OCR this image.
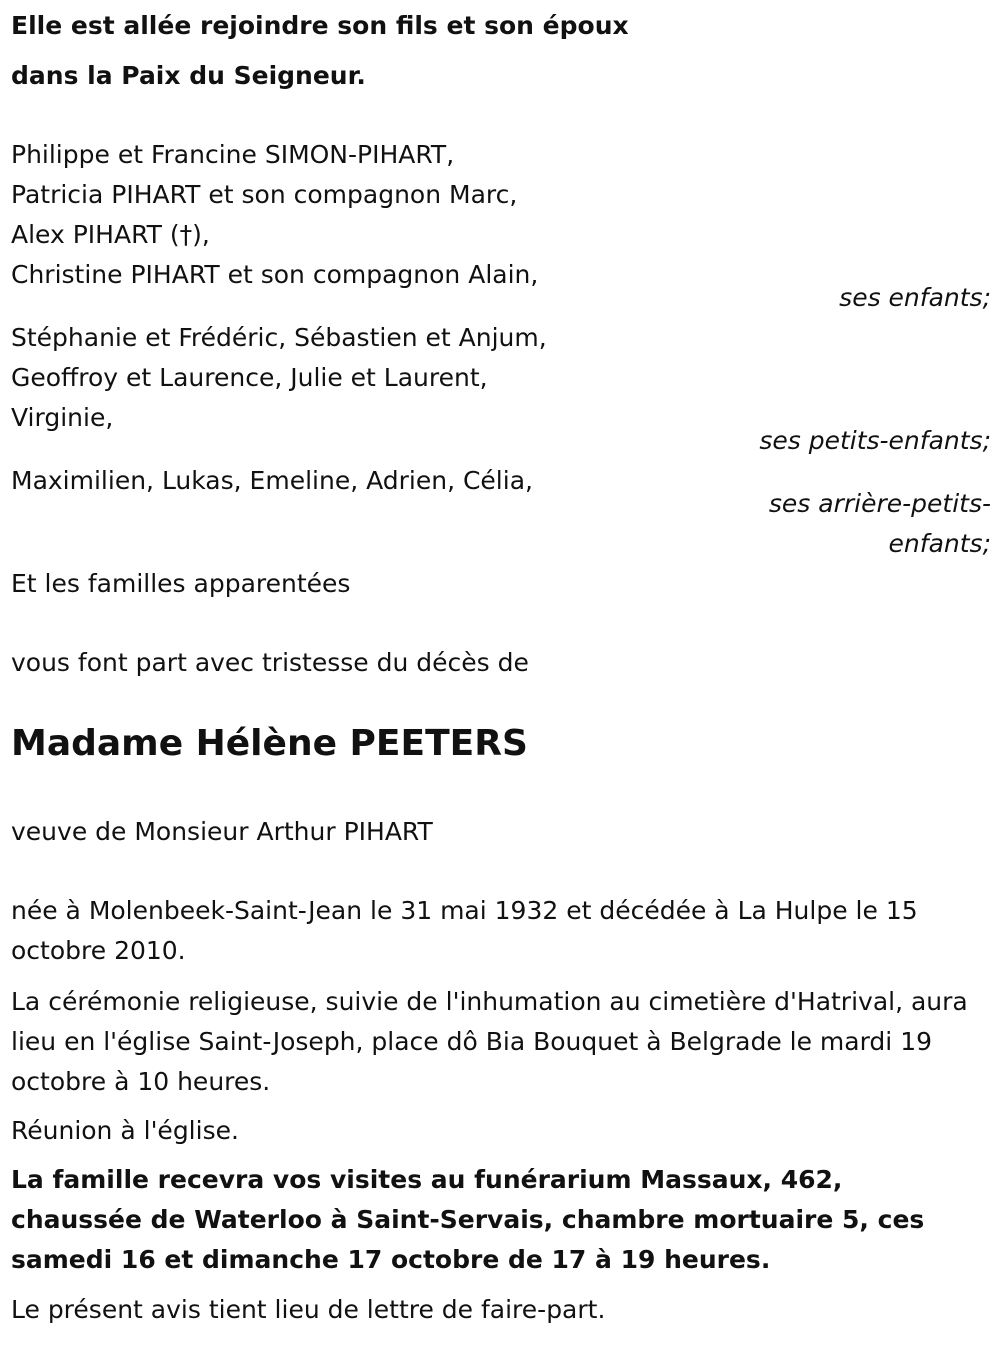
Elle est allée rejoindre son fils et son époux
dans la Paix du Seigneur.
Philippe et Francine SIMON-PIHART,
Patricia PIHART et son compagnon Marc,
Alex PIHART (†),
Christine PIHART et son compagnon Alain,
ses enfants;
Stéphanie et Frédéric, Sébastien et Anjum,
Geoffroy et Laurence, Julie et Laurent,
Virginie,
ses petits-enfants;
Maximilien, Lukas, Emeline, Adrien, Célia,
ses arrière-petits-
enfants;
Et les familles apparentées
vous font part avec tristesse du décès de
Madame Hélène PEETERS
veuve de Monsieur Arthur PIHART
née à Molenbeek-Saint-Jean le 31 mai 1932 et décédée à La Hulpe le 15 octobre 2010.
La cérémonie religieuse, suivie de l'inhumation au cimetière d'Hatrival, aura lieu en l'église Saint-Joseph, place dô Bia Bouquet à Belgrade le mardi 19 octobre à 10 heures.
Réunion à l'église.
La famille recevra vos visites au funérarium Massaux, 462, chaussée de Waterloo à Saint-Servais, chambre mortuaire 5, ces samedi 16 et dimanche 17 octobre de 17 à 19 heures.
Le présent avis tient lieu de lettre de faire-part.
